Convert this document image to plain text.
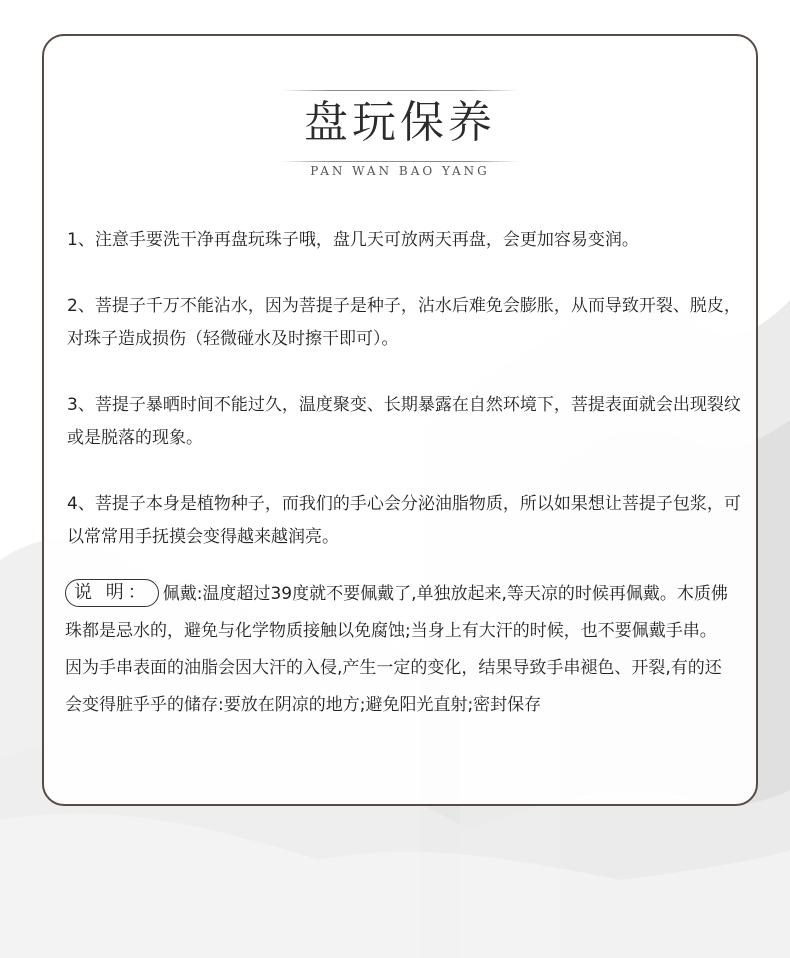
盘玩保养
PAN WAN BAO YANG

1、注意手要洗干净再盘玩珠子哦，盘几天可放两天再盘，会更加容易变润。

2、菩提子千万不能沾水，因为菩提子是种子，沾水后难免会膨胀，从而导致开裂、脱皮，对珠子造成损伤（轻微碰水及时擦干即可）。

3、菩提子暴晒时间不能过久，温度聚变、长期暴露在自然环境下，菩提表面就会出现裂纹或是脱落的现象。

4、菩提子本身是植物种子，而我们的手心会分泌油脂物质，所以如果想让菩提子包浆，可以常常用手抚摸会变得越来越润亮。

说 明： 佩戴:温度超过39度就不要佩戴了,单独放起来,等天凉的时候再佩戴。木质佛珠都是忌水的，避免与化学物质接触以免腐蚀;当身上有大汗的时候，也不要佩戴手串。因为手串表面的油脂会因大汗的入侵,产生一定的变化，结果导致手串褪色、开裂,有的还会变得脏乎乎的储存:要放在阴凉的地方;避免阳光直射;密封保存
